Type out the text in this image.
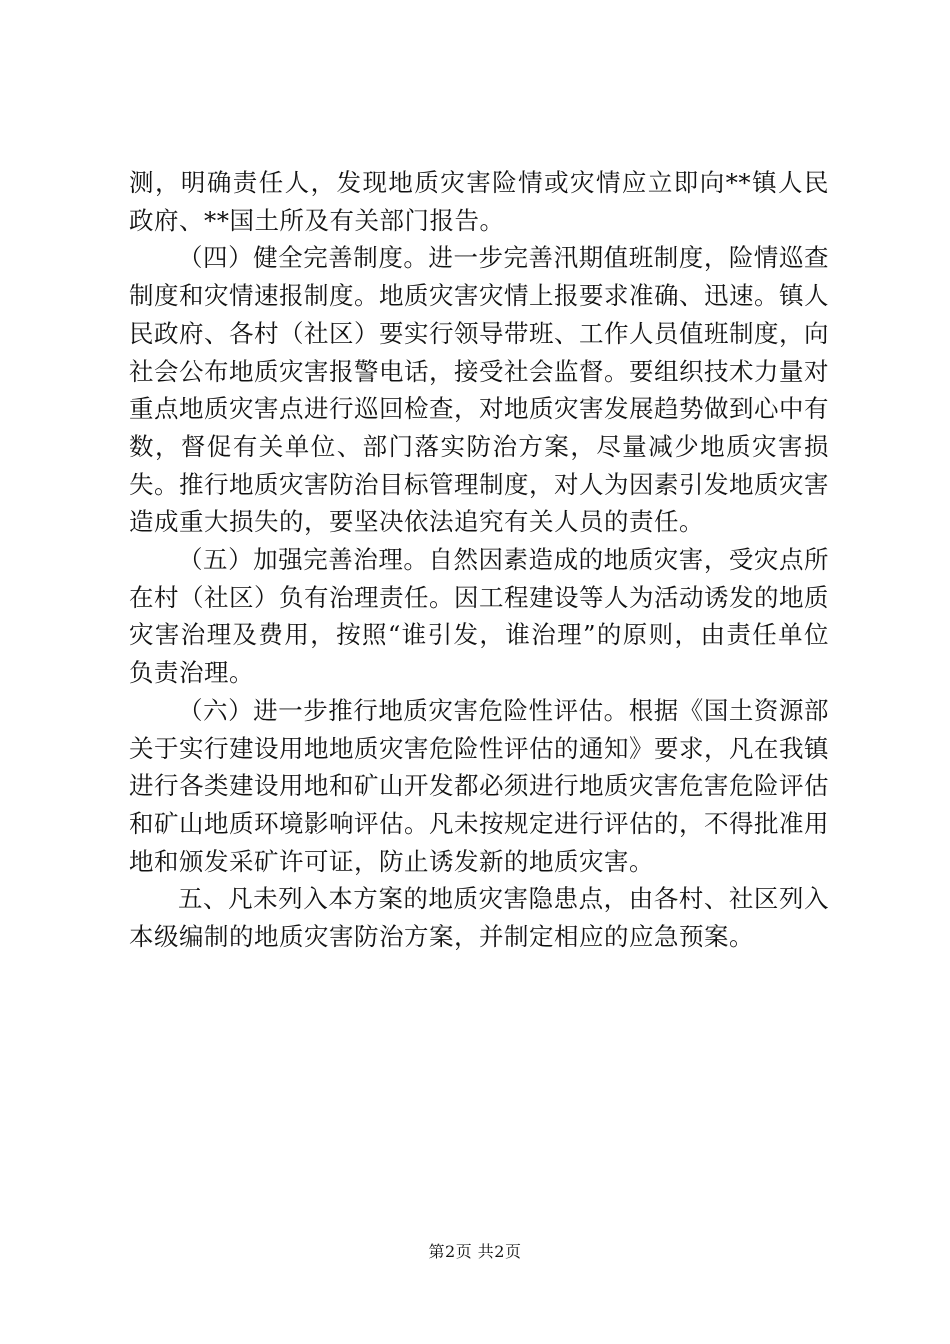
测，明确责任人，发现地质灾害险情或灾情应立即向**镇人民政府、**国土所及有关部门报告。

（四）健全完善制度。进一步完善汛期值班制度，险情巡查制度和灾情速报制度。地质灾害灾情上报要求准确、迅速。镇人民政府、各村（社区）要实行领导带班、工作人员值班制度，向社会公布地质灾害报警电话，接受社会监督。要组织技术力量对重点地质灾害点进行巡回检查，对地质灾害发展趋势做到心中有数，督促有关单位、部门落实防治方案，尽量减少地质灾害损失。推行地质灾害防治目标管理制度，对人为因素引发地质灾害造成重大损失的，要坚决依法追究有关人员的责任。

（五）加强完善治理。自然因素造成的地质灾害，受灾点所在村（社区）负有治理责任。因工程建设等人为活动诱发的地质灾害治理及费用，按照“谁引发，谁治理”的原则，由责任单位负责治理。

（六）进一步推行地质灾害危险性评估。根据《国土资源部关于实行建设用地地质灾害危险性评估的通知》要求，凡在我镇进行各类建设用地和矿山开发都必须进行地质灾害危害危险评估和矿山地质环境影响评估。凡未按规定进行评估的，不得批准用地和颁发采矿许可证，防止诱发新的地质灾害。

五、凡未列入本方案的地质灾害隐患点，由各村、社区列入本级编制的地质灾害防治方案，并制定相应的应急预案。

第2页 共2页
